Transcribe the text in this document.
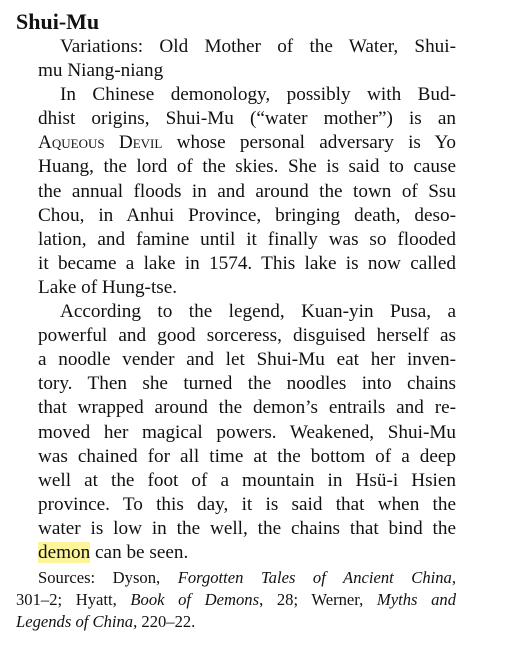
Shui-Mu

Variations: Old Mother of the Water, Shui-
mu Niang-niang

In Chinese demonology, possibly with Bud-
dhist origins, Shui-Mu (“water mother”) is an
Aqueous Devil whose personal adversary is Yo
Huang, the lord of the skies. She is said to cause
the annual floods in and around the town of Ssu
Chou, in Anhui Province, bringing death, deso-
lation, and famine until it finally was so flooded
it became a lake in 1574. This lake is now called
Lake of Hung-tse.

According to the legend, Kuan-yin Pusa, a
powerful and good sorceress, disguised herself as
a noodle vender and let Shui-Mu eat her inven-
tory. Then she turned the noodles into chains
that wrapped around the demon’s entrails and re-
moved her magical powers. Weakened, Shui-Mu
was chained for all time at the bottom of a deep
well at the foot of a mountain in Hsü-i Hsien
province. To this day, it is said that when the
water is low in the well, the chains that bind the
demon can be seen.

Sources: Dyson, Forgotten Tales of Ancient China,
301–2; Hyatt, Book of Demons, 28; Werner, Myths and
Legends of China, 220–22.
